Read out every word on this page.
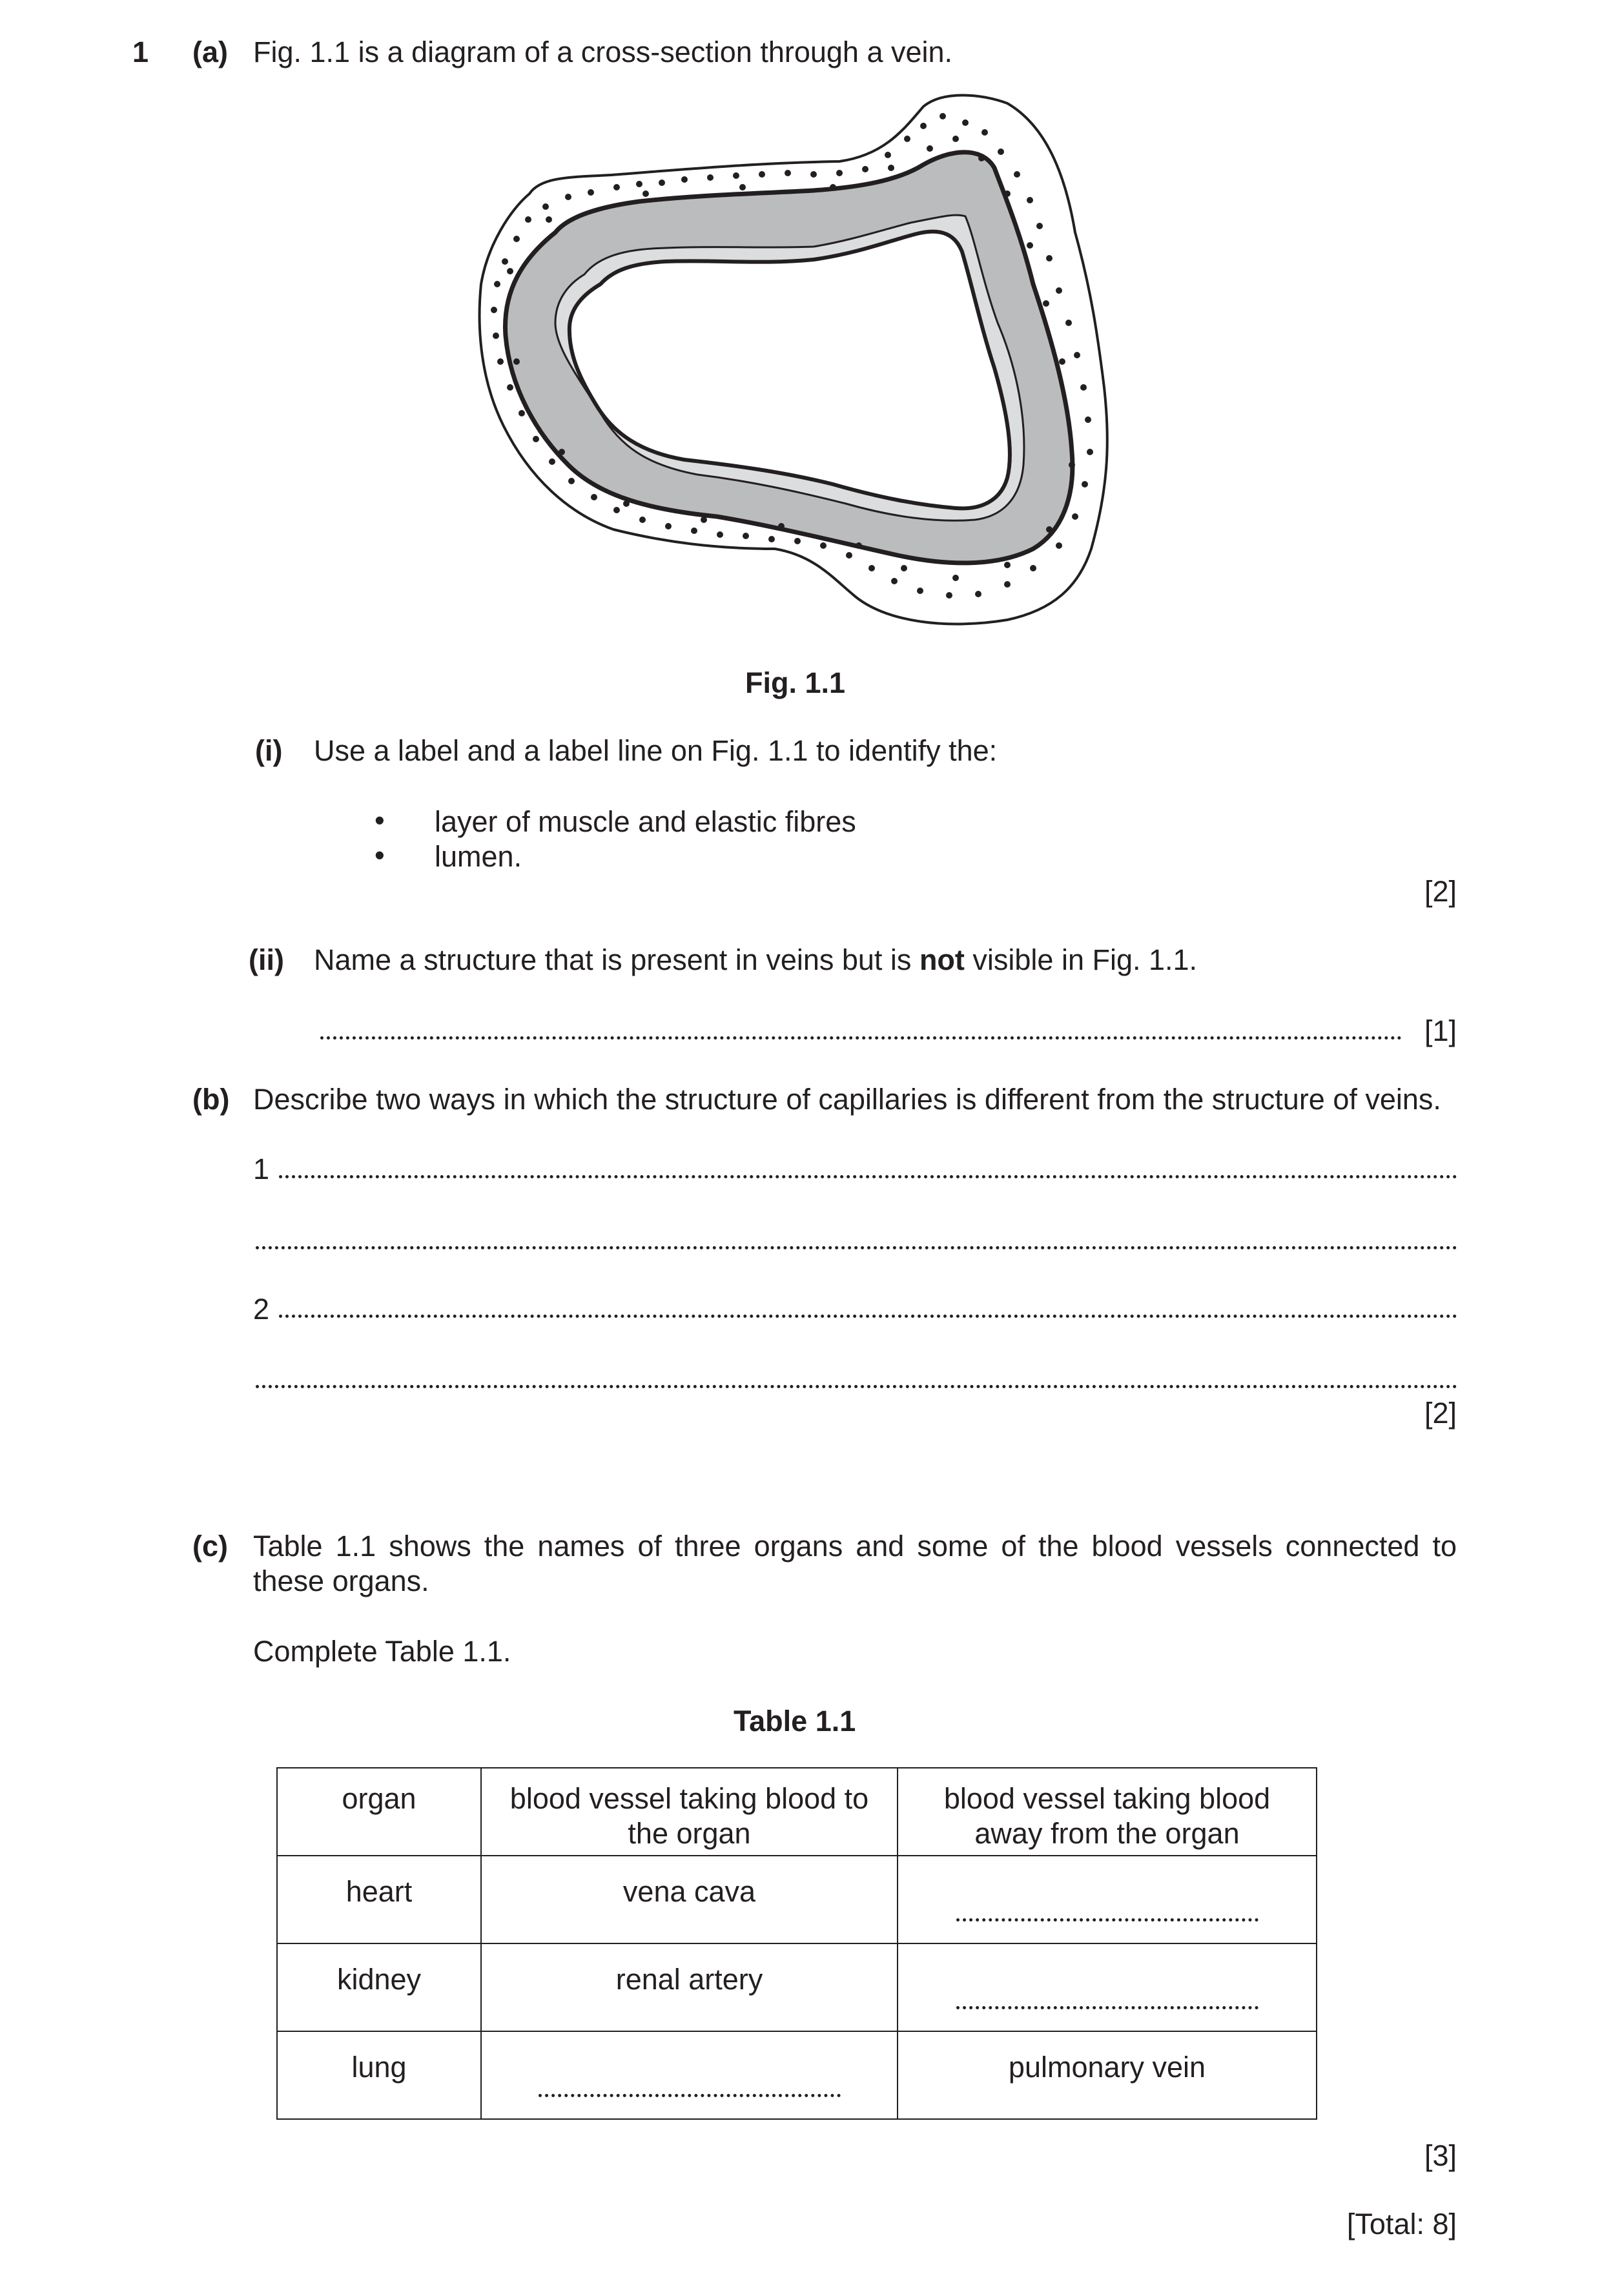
1 (a) Fig. 1.1 is a diagram of a cross-section through a vein.
Fig. 1.1
(i) Use a label and a label line on Fig. 1.1 to identify the:
• layer of muscle and elastic fibres
• lumen.
[2]
(ii) Name a structure that is present in veins but is not visible in Fig. 1.1.
[1]
(b) Describe two ways in which the structure of capillaries is different from the structure of veins.
1
2
[2]
(c) Table 1.1 shows the names of three organs and some of the blood vessels connected to
these organs.
Complete Table 1.1.
Table 1.1
organ	blood vessel taking blood to the organ	blood vessel taking blood away from the organ
heart	vena cava	

kidney	renal artery	

lung		pulmonary vein
[3]
[Total: 8]
